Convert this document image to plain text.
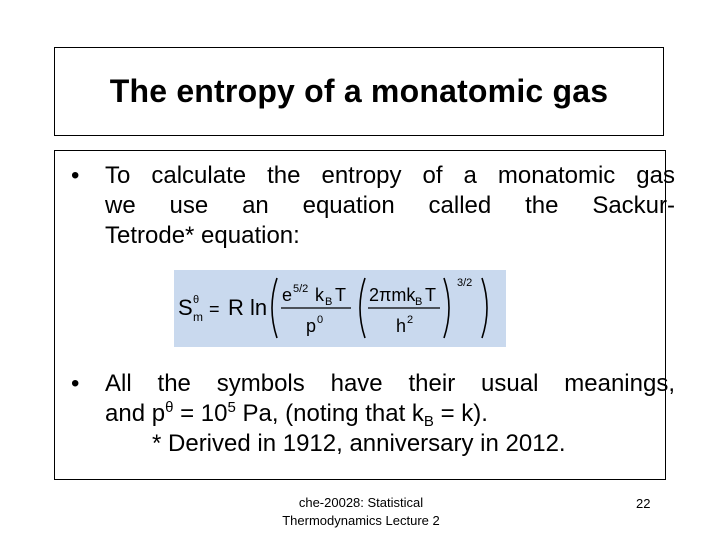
The entropy of a monatomic gas
• To calculate the entropy of a monatomic gas
we use an equation called the Sackur-
Tetrode* equation:
• All the symbols have their usual meanings,
and $p^\theta = 10^5$ Pa, (noting that $k_B = k$).
* Derived in 1912, anniversary in 2012.
S θ
m = R ln e 5/2 k B T
p 0
2πmk B T
h 2
3/2
che-20028: Statistical
Thermodynamics Lecture 2
22
